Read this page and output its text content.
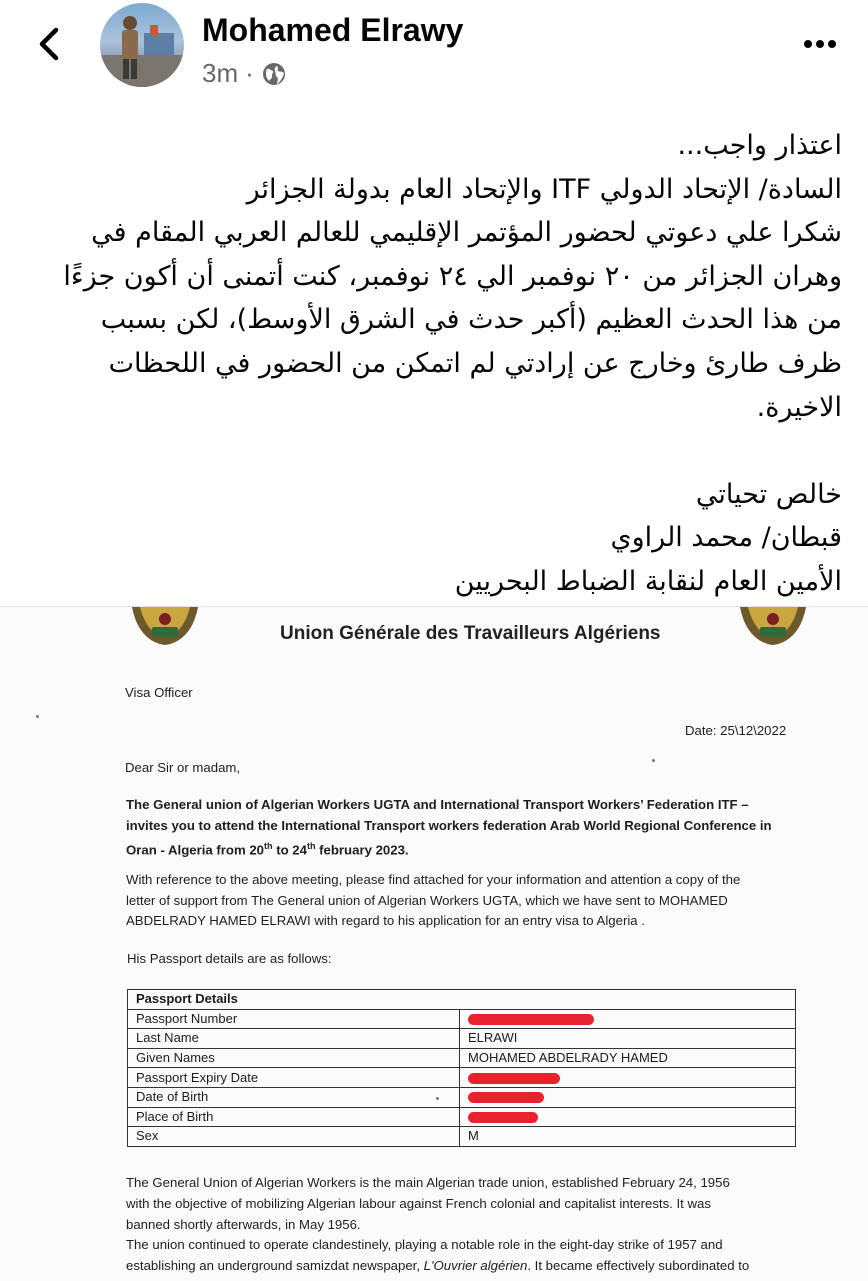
Mohamed Elrawy
3m ·

اعتذار واجب...

السادة/ الإتحاد الدولي ITF والإتحاد العام بدولة الجزائر

شكرا علي دعوتي لحضور المؤتمر الإقليمي للعالم العربي المقام في

وهران الجزائر من ٢٠ نوفمبر الي ٢٤ نوفمبر، كنت أتمنى أن أكون جزءًا

من هذا الحدث العظيم (أكبر حدث في الشرق الأوسط)، لكن بسبب

ظرف طارئ وخارج عن إرادتي لم اتمكن من الحضور في اللحظات

الاخيرة.

خالص تحياتي

قبطان/ محمد الراوي

الأمين العام لنقابة الضباط البحريين

Union Générale des Travailleurs Algériens
Visa Officer
Date: 25\12\2022
Dear Sir or madam,
The General union of Algerian Workers UGTA and International Transport Workers’ Federation ITF –
invites you to attend the International Transport workers federation Arab World Regional Conference in
Oran - Algeria from 20th to 24th february 2023.
With reference to the above meeting, please find attached for your information and attention a copy of the
letter of support from The General union of Algerian Workers UGTA, which we have sent to MOHAMED
ABDELRADY HAMED ELRAWI with regard to his application for an entry visa to Algeria .
His Passport details are as follows:
Passport Details	
Passport Number	
Last Name	ELRAWI
Given Names	MOHAMED ABDELRADY HAMED
Passport Expiry Date	
Date of Birth	
Place of Birth	
Sex	M
The General Union of Algerian Workers is the main Algerian trade union, established February 24, 1956
with the objective of mobilizing Algerian labour against French colonial and capitalist interests. It was
banned shortly afterwards, in May 1956.
The union continued to operate clandestinely, playing a notable role in the eight-day strike of 1957 and
establishing an underground samizdat newspaper, L'Ouvrier algérien. It became effectively subordinated to
